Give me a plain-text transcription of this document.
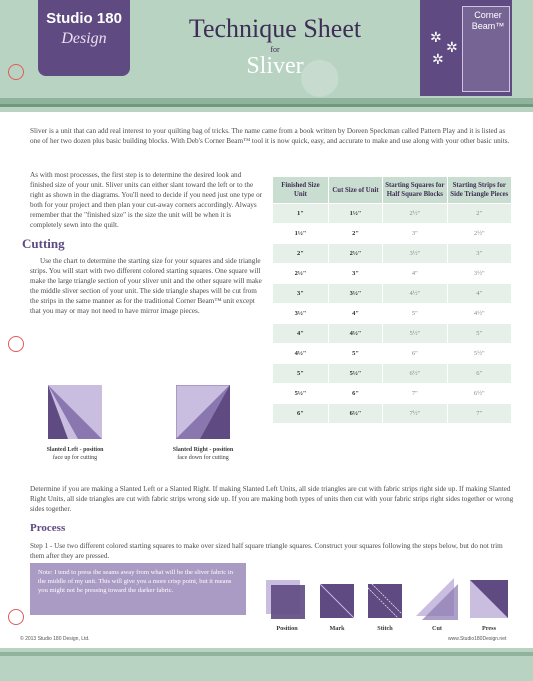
Studio 180
Design	Technique Sheet
for
Sliver
Corner Beam™
✲
✲
✲
Sliver is a unit that can add real interest to your quilting bag of tricks. The name came from a book written by Doreen Speckman called Pattern Play and it is listed as one of her two dozen plus basic building blocks. With Deb's Corner Beam™ tool it is now quick, easy, and accurate to make and use along with your other basic units.
As with most processes, the first step is to determine the desired look and finished size of your unit. Sliver units can either slant toward the left or to the right as shown in the diagrams. You'll need to decide if you need just one type or both for your project and then plan your cut-away corners accordingly. Always remember that the "finished size" is the size the unit will be when it is completely sewn into the quilt.
Cutting
Use the chart to determine the starting size for your squares and side triangle strips. You will start with two different colored starting squares. One square will make the large triangle section of your sliver unit and the other square will make the middle sliver section of your unit. The side triangle shapes will be cut from the strips in the same manner as for the traditional Corner Beam™ unit except that you may or may not need to have mirror image pieces.
Finished Size Unit	Cut Size of Unit	Starting Squares for Half Square Blocks	Starting Strips for Side Triangle Pieces
1"	1½"	2½"	2"
1½"	2"	3"	2½"
2"	2½"	3½"	3"
2½"	3"	4"	3½"
3"	3½"	4½"	4"
3½"	4"	5"	4½"
4"	4½"	5½"	5"
4½"	5"	6"	5½"
5"	5½"	6½"	6"
5½"	6"	7"	6½"
6"	6½"	7½"	7"
Slanted Left - position
face up for cutting
Slanted Right - position
face down for cutting
Determine if you are making a Slanted Left or a Slanted Right. If making Slanted Left Units, all side triangles are cut with fabric strips right side up. If making Slanted Right Units, all side triangles are cut with fabric strips wrong side up. If you are making both types of units then cut with your fabric strips right sides together or wrong sides together.
Process
Step 1 - Use two different colored starting squares to make over sized half square triangle squares. Construct your squares following the steps below, but do not trim them after they are pressed.
Note: I tend to press the seams away from what will be the sliver fabric in the middle of my unit. This will give you a more crisp point, but it means you might not be pressing toward the darker fabric.
Position	Mark	Stitch	Cut	Press
© 2013 Studio 180 Design, Ltd.	www.Studio180Design.net
